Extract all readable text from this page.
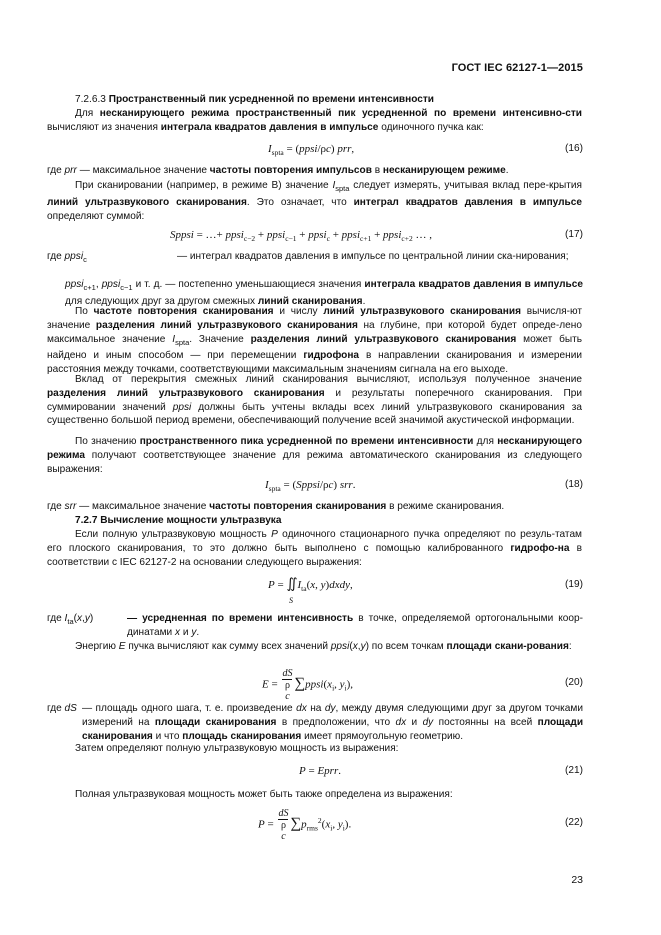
ГОСТ IEC 62127-1—2015
7.2.6.3 Пространственный пик усредненной по времени интенсивности
Для несканирующего режима пространственный пик усредненной по времени интенсивно-сти вычисляют из значения интеграла квадратов давления в импульсе одиночного пучка как:
$I_{spta}$ = (ppsi/ρc) prr,	(16)
где prr — максимальное значение частоты повторения импульсов в несканирующем режиме.
При сканировании (например, в режиме B) значение $I_{spta}$ следует измерять, учитывая вклад пере-крытия линий ультразвукового сканирования. Это означает, что интеграл квадратов давления в импульсе определяют суммой:
Sppsi = …+ ppsi$_{c-2}$ + ppsi$_{c-1}$ + ppsi$_c$ + ppsi$_{c+1}$ + ppsi$_{c+2}$ … ,	(17)
где ppsi$_c$	— интеграл квадратов давления в импульсе по центральной линии ска-нирования;
ppsi$_{c+1}$, ppsi$_{c-1}$ и т. д. — постепенно уменьшающиеся значения интеграла квадратов давления в импульсе для следующих друг за другом смежных линий сканирования.
По частоте повторения сканирования и числу линий ультразвукового сканирования вычисля-ют значение разделения линий ультразвукового сканирования на глубине, при которой будет опреде-лено максимальное значение $I_{spta}$. Значение разделения линий ультразвукового сканирования может быть найдено и иным способом — при перемещении гидрофона в направлении сканирования и измерении расстояния между точками, соответствующими максимальным значениям сигнала на его выходе.
Вклад от перекрытия смежных линий сканирования вычисляют, используя полученное значение разделения линий ультразвукового сканирования и результаты поперечного сканирования. При суммировании значений ppsi должны быть учтены вклады всех линий ультразвукового сканирования за существенно большой период времени, обеспечивающий получение всей значимой акустической информации.
По значению пространственного пика усредненной по времени интенсивности для несканирующего режима получают соответствующее значение для режима автоматического сканирования из следующего выражения:
$I_{spta}$ = (Sppsi/ρc) srr.	(18)
где srr — максимальное значение частоты повторения сканирования в режиме сканирования.
7.2.7 Вычисление мощности ультразвука
Если полную ультразвуковую мощность P одиночного стационарного пучка определяют по резуль-татам его плоского сканирования, то это должно быть выполнено с помощью калиброванного гидрофо-на в соответствии с IEC 62127-2 на основании следующего выражения:
$P = ∬I_{ta}(x$, y)dxdy,
S
(19)
где $I_{ta}(x,y)$	— усредненная по времени интенсивность в точке, определяемой ортогональными коор-динатами x и y.
Энергию E пучка вычисляют как сумму всех значений ppsi(x,y) по всем точкам площади скани-рования:
E = dS
ρ
c $\sum ppsi(x_i$, $y_i$),	(20)
где dS — площадь одного шага, т. е. произведение dx на dy, между двумя следующими друг за другом точками измерений на площади сканирования в предположении, что dx и dy постоянны на всей площади сканирования и что площадь сканирования имеет прямоугольную геометрию.
Затем определяют полную ультразвуковую мощность из выражения:
P = Eprr.	(21)
Полная ультразвуковая мощность может быть также определена из выражения:
P = dS
ρ
c $\sum p_{rms}^2(x_i$, $y_i$).	(22)
23
